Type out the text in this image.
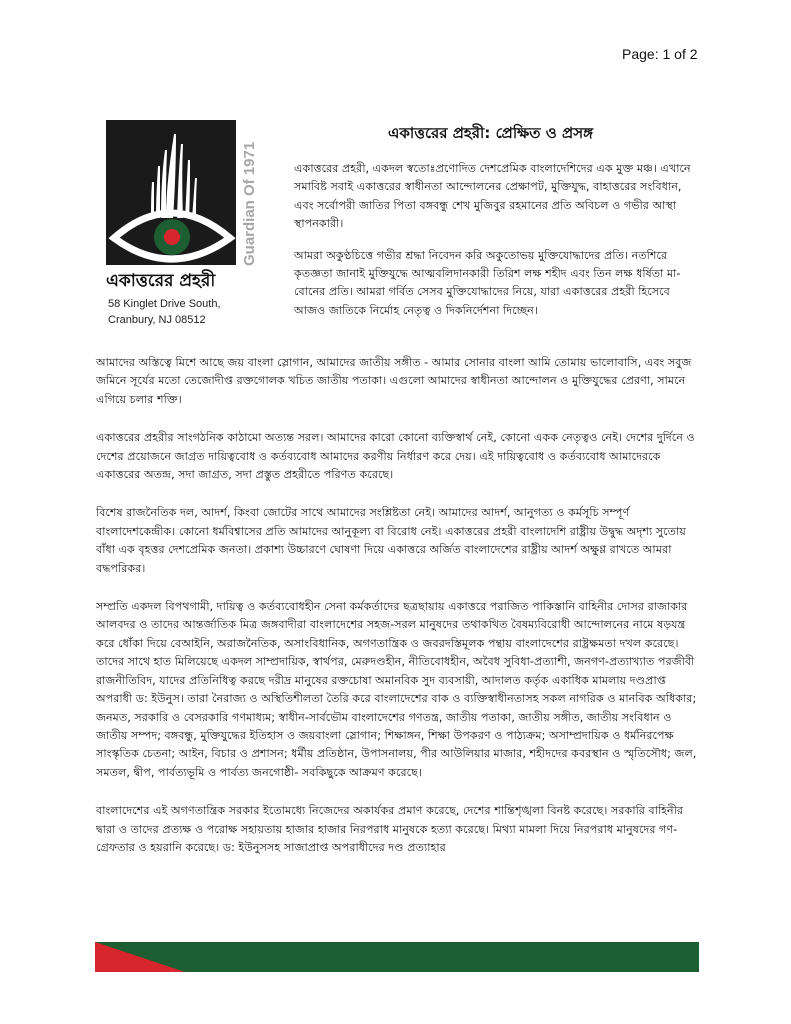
Page: 1 of 2
Guardian Of 1971
একাত্তরের প্রহরী
58 Kinglet Drive South,
Cranbury, NJ 08512
একাত্তরের প্রহরী: প্রেক্ষিত ও প্রসঙ্গ

একাত্তরের প্রহরী, একদল স্বতোঃপ্রণোদিত দেশপ্রেমিক বাংলাদেশিদের এক মুক্ত মঞ্চ। এখানে সমাবিষ্ট সবাই একাত্তরের স্বাধীনতা আন্দোলনের প্রেক্ষাপট, মুক্তিযুদ্ধ, বাহাত্তরের সংবিধান, এবং সর্বোপরী জাতির পিতা বঙ্গবন্ধু শেখ মুজিবুর রহমানের প্রতি অবিচল ও গভীর আস্থা স্থাপনকারী।

আমরা অকুণ্ঠচিত্তে গভীর শ্রদ্ধা নিবেদন করি অকুতোভয় মুক্তিযোদ্ধাদের প্রতি। নতশিরে কৃতজ্ঞতা জানাই মুক্তিযুদ্ধে আত্মবলিদানকারী তিরিশ লক্ষ শহীদ এবং তিন লক্ষ ধর্ষিতা মা-বোনের প্রতি। আমরা গর্বিত সেসব মুক্তিযোদ্ধাদের নিয়ে, যারা একাত্তরের প্রহরী হিসেবে আজও জাতিকে নির্মোহ নেতৃত্ব ও দিকনির্দেশনা দিচ্ছেন।

আমাদের অস্তিত্বে মিশে আছে জয় বাংলা স্লোগান, আমাদের জাতীয় সঙ্গীত - আমার সোনার বাংলা আমি তোমায় ভালোবাসি, এবং সবুজ জমিনে সূর্যের মতো তেজোদীপ্ত রক্তগোলক খচিত জাতীয় পতাকা। এগুলো আমাদের স্বাধীনতা আন্দোলন ও মুক্তিযুদ্ধের প্রেরণা, সামনে এগিয়ে চলার শক্তি।

একাত্তরের প্রহরীর সাংগঠনিক কাঠামো অত্যন্ত সরল। আমাদের কারো কোনো ব্যক্তিস্বার্থ নেই, কোনো একক নেতৃত্বও নেই। দেশের দুর্দিনে ও দেশের প্রয়োজনে জাগ্রত দায়িত্ববোধ ও কর্তব্যবোধ আমাদের করণীয় নির্ধারণ করে দেয়। এই দায়িত্ববোধ ও কর্তব্যবোধ আমাদেরকে একাত্তরের অতন্দ্র, সদা জাগ্রত, সদা প্রস্তুত প্রহরীতে পরিণত করেছে।

বিশেষ রাজনৈতিক দল, আদর্শ, কিংবা জোটের সাথে আমাদের সংশ্লিষ্টতা নেই। আমাদের আদর্শ, আনুগত্য ও কর্মসূচি সম্পূর্ণ বাংলাদেশকেন্দ্রীক। কোনো ধর্মবিশ্বাসের প্রতি আমাদের আনুকূল্য বা বিরোধ নেই। একাত্তরের প্রহরী বাংলাদেশি রাষ্ট্রীয় উদ্বুদ্ধ অদৃশ্য সুতোয় বাঁধা এক বৃহত্তর দেশপ্রেমিক জনতা। প্রকাশ্য উচ্চারণে ঘোষণা দিয়ে একাত্তরে অর্জিত বাংলাদেশের রাষ্ট্রীয় আদর্শ অক্ষুণ্ণ রাখতে আমরা বদ্ধপরিকর।

সম্প্রতি একদল বিপথগামী, দায়িত্ব ও কর্তব্যবোধহীন সেনা কর্মকর্তাদের ছত্রছায়ায় একাত্তরে পরাজিত পাকিস্তানি বাহিনীর দোসর রাজাকার আলবদর ও তাদের আন্তর্জাতিক মিত্র জঙ্গবাদীরা বাংলাদেশের সহজ-সরল মানুষদের তথাকথিত বৈষম্যবিরোধী আন্দোলনের নামে ষড়যন্ত্র করে ধোঁকা দিয়ে বেআইনি, অরাজনৈতিক, অসাংবিধানিক, অগণতান্ত্রিক ও জবরদস্তিমূলক পন্থায় বাংলাদেশের রাষ্ট্রক্ষমতা দখল করেছে। তাদের সাথে হাত মিলিয়েছে একদল সাম্প্রদায়িক, স্বার্থপর, মেরুদণ্ডহীন, নীতিবোধহীন, অবৈধ সুবিধা-প্রত্যাশী, জনগণ-প্রত্যাখ্যাত পরজীবী রাজনীতিবিদ, যাদের প্রতিনিধিত্ব করছে দরীদ্র মানুষের রক্তচোষা অমানবিক সুদ ব্যবসায়ী, আদালত কর্তৃক একাধিক মামলায় দণ্ডপ্রাপ্ত অপরাধী ড: ইউনুস। তারা নৈরাজ্য ও অস্থিতিশীলতা তৈরি করে বাংলাদেশের বাক ও ব্যক্তিস্বাধীনতাসহ সকল নাগরিক ও মানবিক অধিকার; জনমত, সরকারি ও বেসরকারি গণমাধ্যম; স্বাধীন-সার্বভৌম বাংলাদেশের গণতন্ত্র, জাতীয় পতাকা, জাতীয় সঙ্গীত, জাতীয় সংবিধান ও জাতীয় সম্পদ; বঙ্গবন্ধু, মুক্তিযুদ্ধের ইতিহাস ও জয়বাংলা স্লোগান; শিক্ষাঙ্গন, শিক্ষা উপকরণ ও পাঠ্যক্রম; অসাম্প্রদায়িক ও ধর্মনিরপেক্ষ সাংস্কৃতিক চেতনা; আইন, বিচার ও প্রশাসন; ধর্মীয় প্রতিষ্ঠান, উপাসনালয়, পীর আউলিয়ার মাজার, শহীদদের কবরস্থান ও স্মৃতিসৌধ; জল, সমতল, দ্বীপ, পার্বত্যভূমি ও পার্বত্য জনগোষ্ঠী- সবকিছুকে আক্রমণ করেছে।

বাংলাদেশের এই অগণতান্ত্রিক সরকার ইতোমধ্যে নিজেদের অকার্যকর প্রমাণ করেছে, দেশের শান্তিশৃঙ্খলা বিনষ্ট করেছে। সরকারি বাহিনীর দ্বারা ও তাদের প্রত্যক্ষ ও পরোক্ষ সহায়তায় হাজার হাজার নিরপরাধ মানুষকে হত্যা করেছে। মিথ্যা মামলা দিয়ে নিরপরাধ মানুষদের গণ-গ্রেফতার ও হয়রানি করেছে। ড: ইউনুসসহ সাজাপ্রাপ্ত অপরাধীদের দণ্ড প্রত্যাহার
